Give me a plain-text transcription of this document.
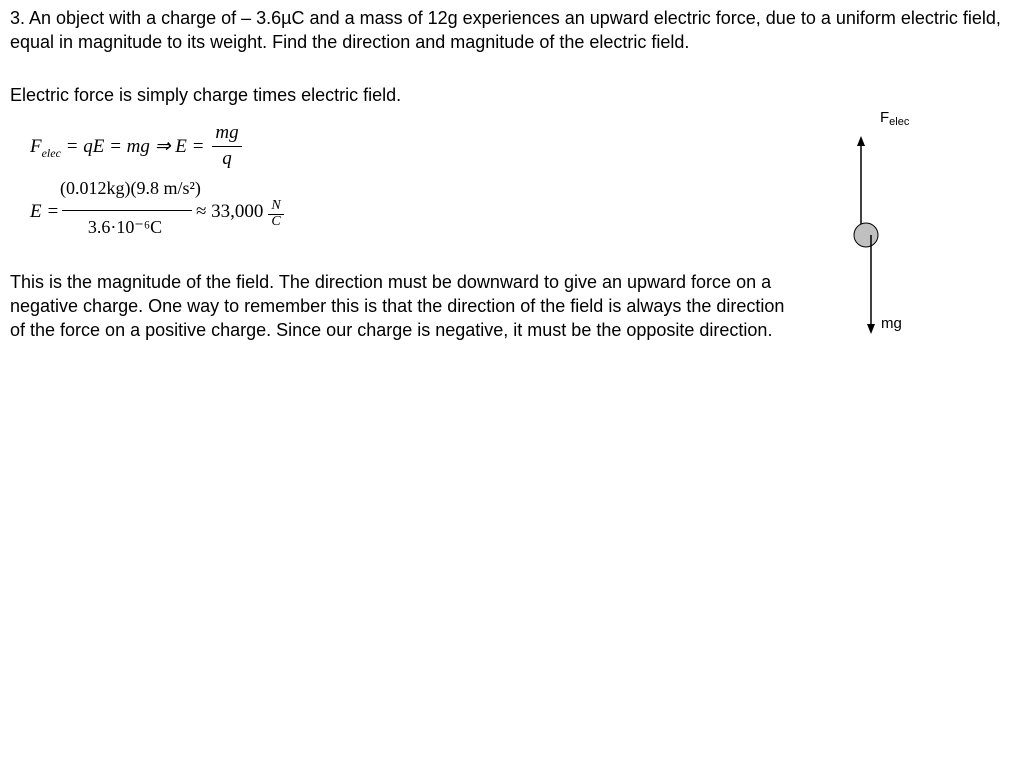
3. An object with a charge of – 3.6µC and a mass of 12g experiences an upward electric force, due to a uniform electric field, equal in magnitude to its weight. Find the direction and magnitude of the electric field.

Electric force is simply charge times electric field.

$F_{elec}$ = qE = mg ⇒ E =
mg
q
E =
(0.012kg)(9.8 m/s²)
3.6·10⁻⁶C
≈ 33,000 N
C

This is the magnitude of the field. The direction must be downward to give an upward force on a negative charge. One way to remember this is that the direction of the field is always the direction of the force on a positive charge. Since our charge is negative, it must be the opposite direction.

$F_{elec}$
mg
